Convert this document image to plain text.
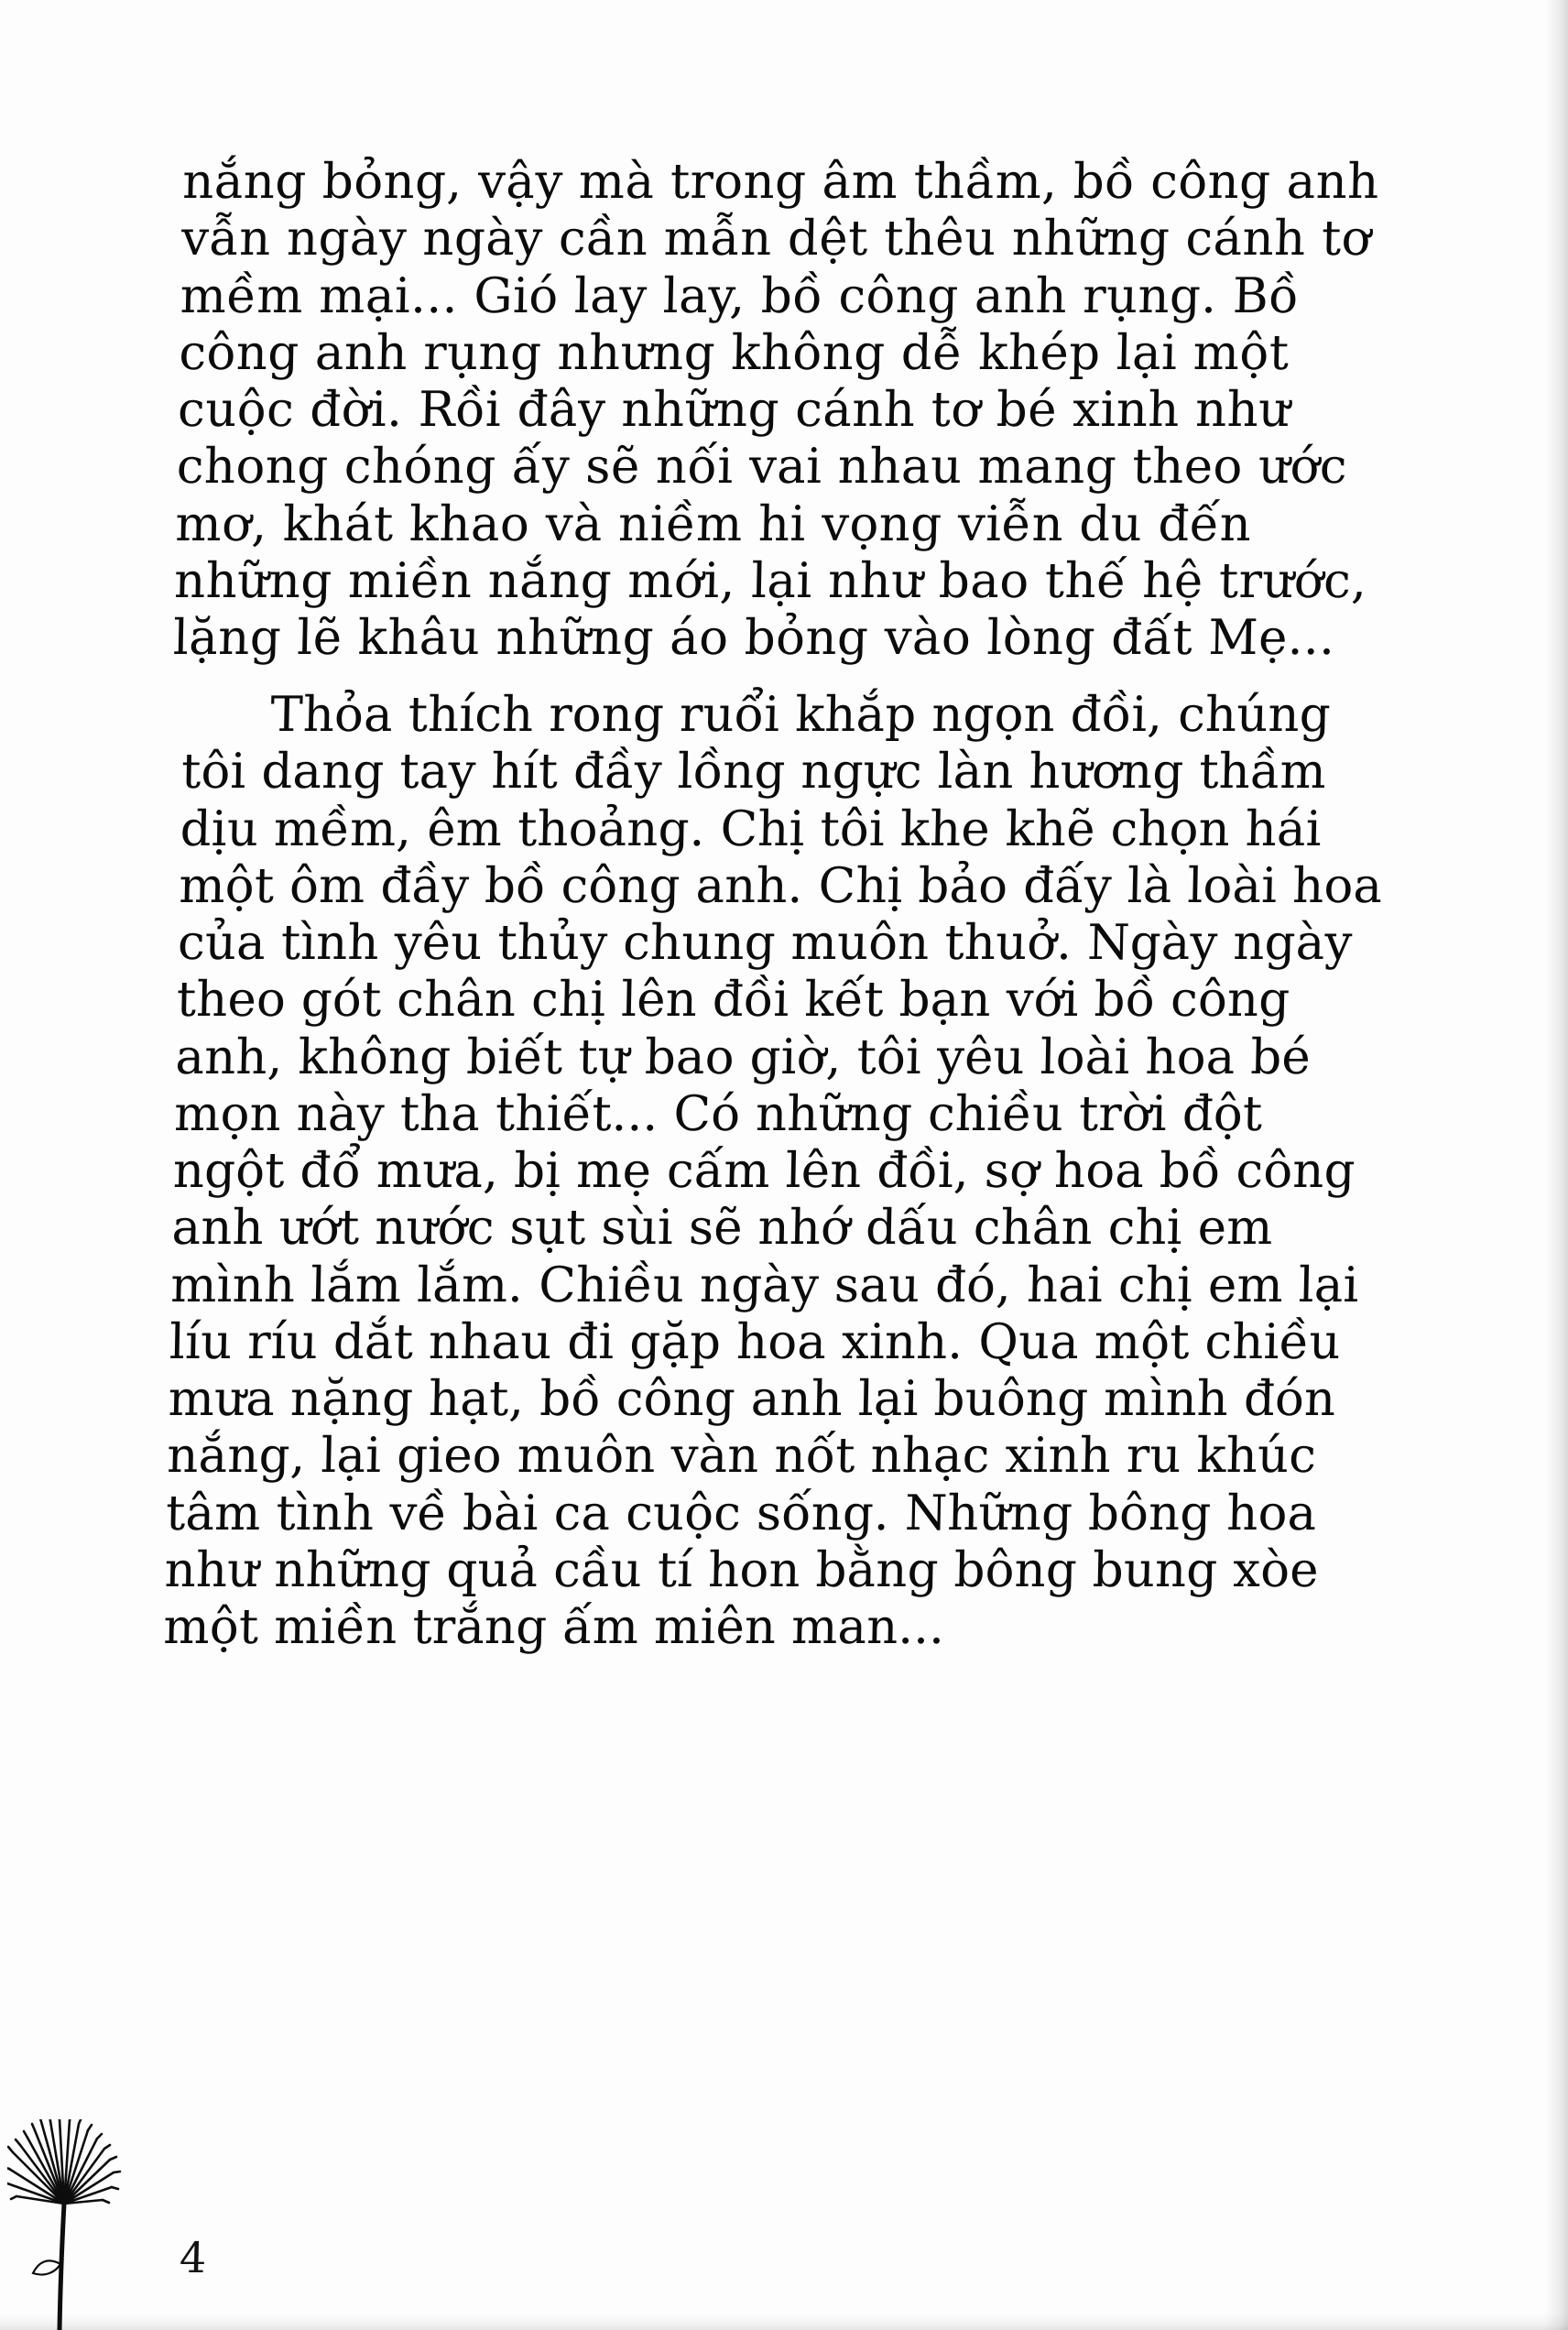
nắng bỏng, vậy mà trong âm thầm, bồ công anh vẫn ngày ngày cần mẫn dệt thêu những cánh tơ mềm mại... Gió lay lay, bồ công anh rụng. Bồ công anh rụng nhưng không dễ khép lại một cuộc đời. Rồi đây những cánh tơ bé xinh như chong chóng ấy sẽ nối vai nhau mang theo ước mơ, khát khao và niềm hi vọng viễn du đến những miền nắng mới, lại như bao thế hệ trước, lặng lẽ khâu những áo bỏng vào lòng đất Mẹ...

Thỏa thích rong ruổi khắp ngọn đồi, chúng tôi dang tay hít đầy lồng ngực làn hương thầm dịu mềm, êm thoảng. Chị tôi khe khẽ chọn hái một ôm đầy bồ công anh. Chị bảo đấy là loài hoa của tình yêu thủy chung muôn thuở. Ngày ngày theo gót chân chị lên đồi kết bạn với bồ công anh, không biết tự bao giờ, tôi yêu loài hoa bé mọn này tha thiết... Có những chiều trời đột ngột đổ mưa, bị mẹ cấm lên đồi, sợ hoa bồ công anh ướt nước sụt sùi sẽ nhớ dấu chân chị em mình lắm lắm. Chiều ngày sau đó, hai chị em lại líu ríu dắt nhau đi gặp hoa xinh. Qua một chiều mưa nặng hạt, bồ công anh lại buông mình đón nắng, lại gieo muôn vàn nốt nhạc xinh ru khúc tâm tình về bài ca cuộc sống. Những bông hoa như những quả cầu tí hon bằng bông bung xòe một miền trắng ấm miên man...

4
